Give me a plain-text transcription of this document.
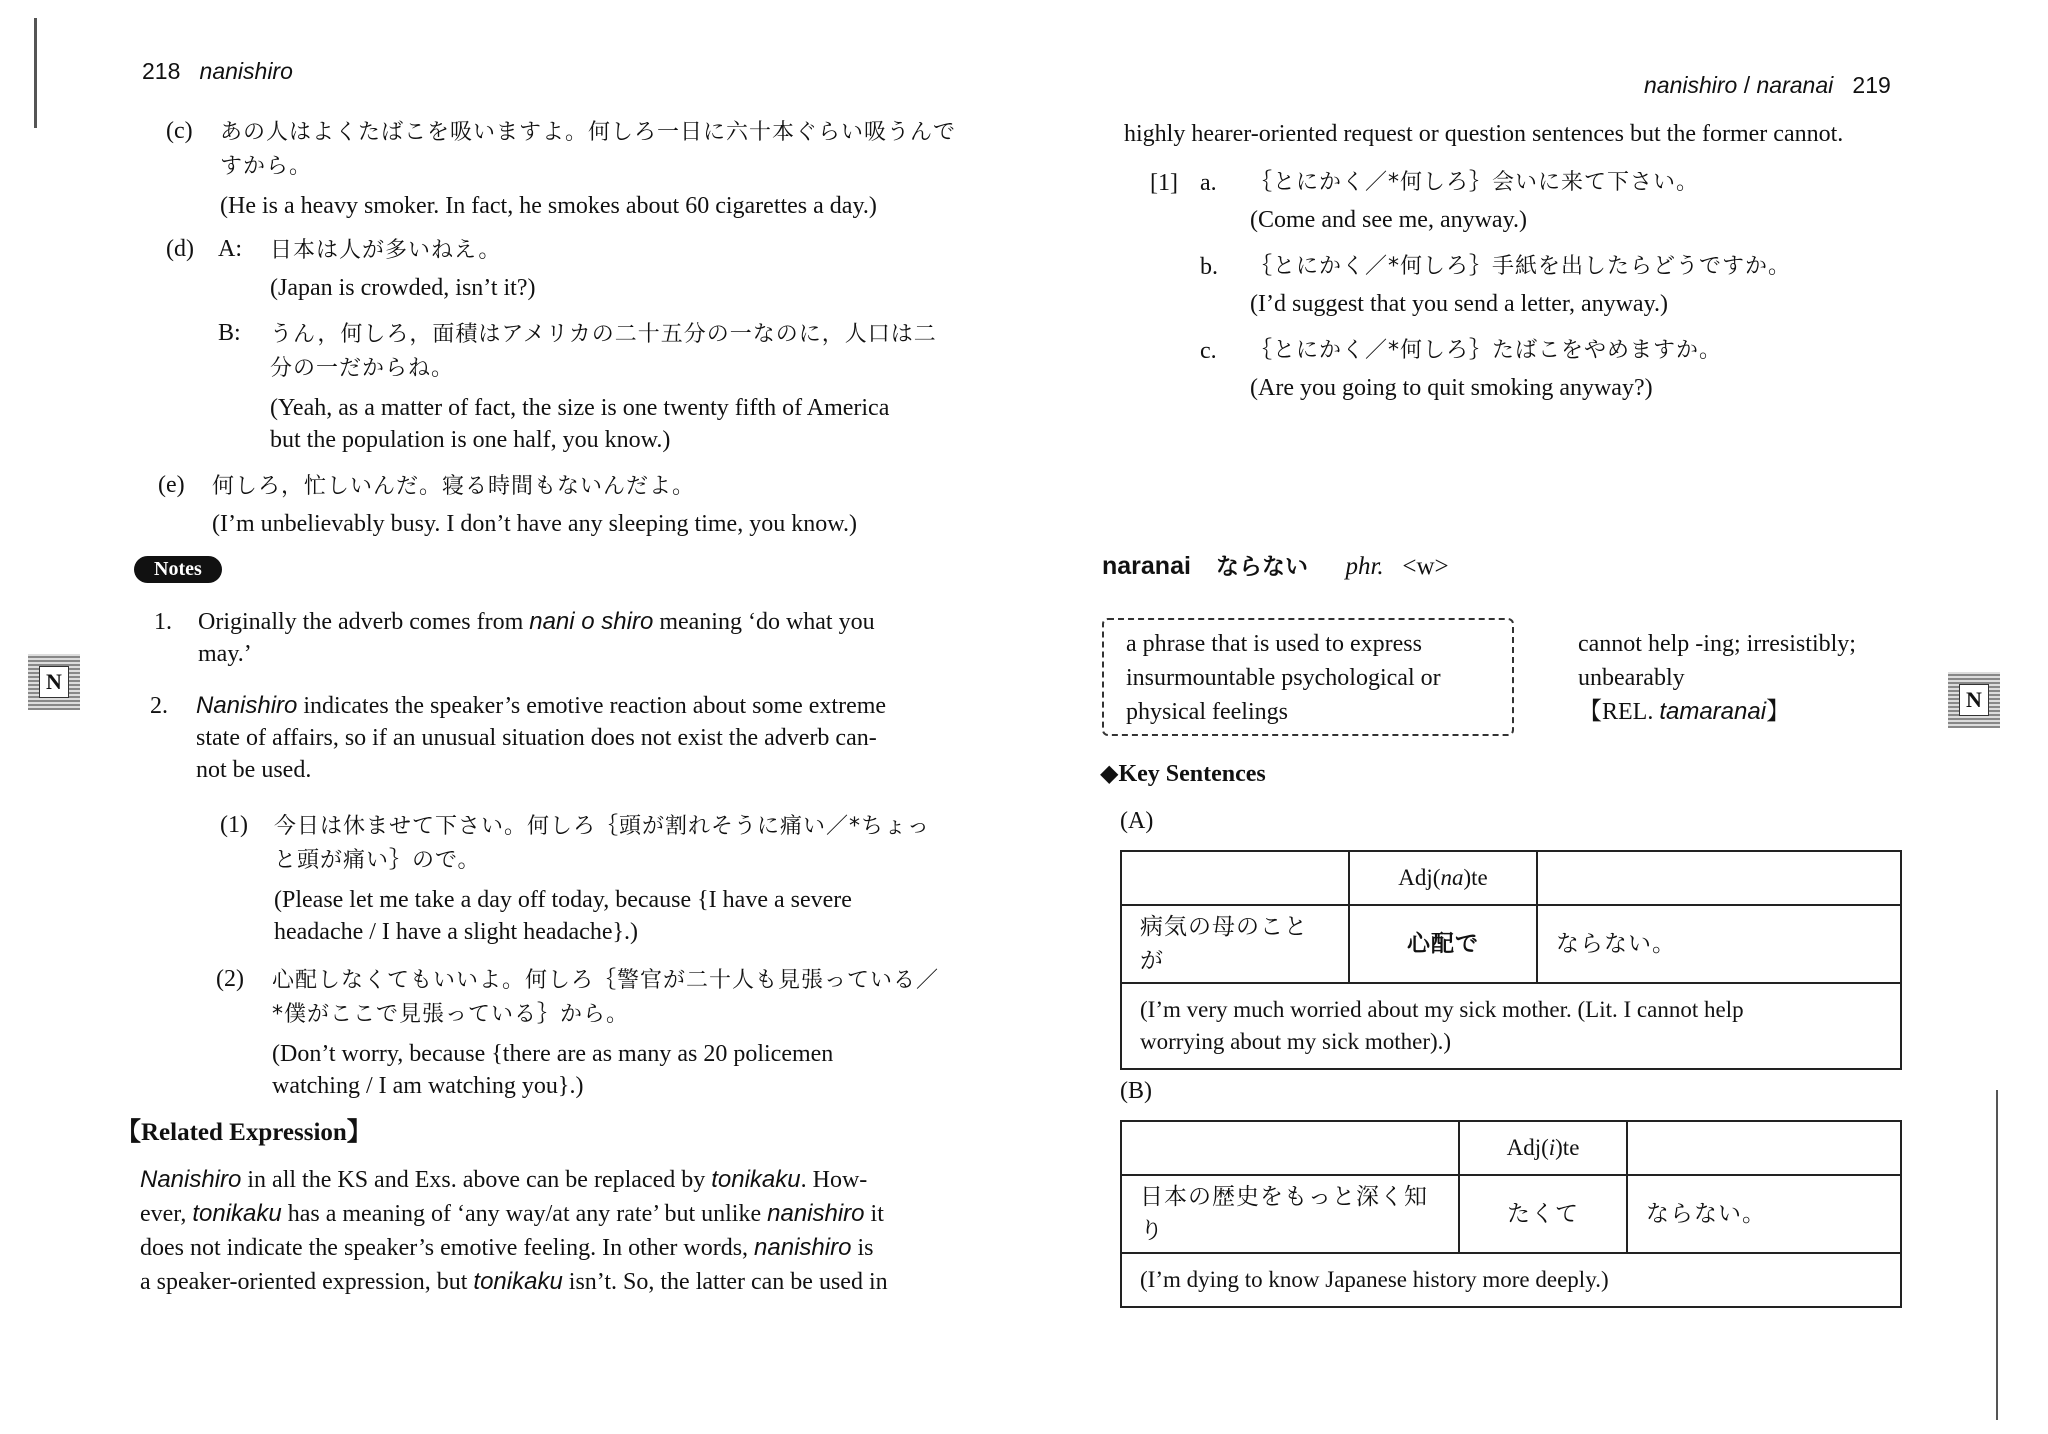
218 nanishiro
(c) あの人はよくたばこを吸いますよ。何しろ一日に六十本ぐらい吸うんで
すから。
(He is a heavy smoker. In fact, he smokes about 60 cigarettes a day.)
(d) A: 日本は人が多いねえ。
(Japan is crowded, isn’t it?)
B: うん，何しろ，面積はアメリカの二十五分の一なのに，人口は二
分の一だからね。
(Yeah, as a matter of fact, the size is one twenty fifth of America
but the population is one half, you know.)
(e) 何しろ，忙しいんだ。寝る時間もないんだよ。
(I’m unbelievably busy. I don’t have any sleeping time, you know.)
Notes
1. Originally the adverb comes from nani o shiro meaning ‘do what you
may.’
2. Nanishiro indicates the speaker’s emotive reaction about some extreme
state of affairs, so if an unusual situation does not exist the adverb can-
not be used.
(1) 今日は休ませて下さい。何しろ｛頭が割れそうに痛い／*ちょっ
と頭が痛い｝ので。
(Please let me take a day off today, because {I have a severe
headache / I have a slight headache}.)
(2) 心配しなくてもいいよ。何しろ｛警官が二十人も見張っている／
*僕がここで見張っている｝から。
(Don’t worry, because {there are as many as 20 policemen
watching / I am watching you}.)
【Related Expression】
Nanishiro in all the KS and Exs. above can be replaced by tonikaku. How-
ever, tonikaku has a meaning of ‘any way/at any rate’ but unlike nanishiro it
does not indicate the speaker’s emotive feeling. In other words, nanishiro is
a speaker-oriented expression, but tonikaku isn’t. So, the latter can be used in
N
nanishiro / naranai 219
highly hearer-oriented request or question sentences but the former cannot.
[1] a. ｛とにかく／*何しろ｝会いに来て下さい。
(Come and see me, anyway.)
b. ｛とにかく／*何しろ｝手紙を出したらどうですか。
(I’d suggest that you send a letter, anyway.)
c. ｛とにかく／*何しろ｝たばこをやめますか。
(Are you going to quit smoking anyway?)
naranai ならない phr. <w>
a phrase that is used to express
insurmountable psychological or
physical feelings
cannot help -ing; irresistibly;
unbearably
【REL. tamaranai】
◆Key Sentences
(A)
	Adj(na)te	
病気の母のことが	心配で	ならない。

(I’m very much worried about my sick mother. (Lit. I cannot help
worrying about my sick mother).)		
(B)
	Adj(i)te	
日本の歴史をもっと深く知り	たくて	ならない。
(I’m dying to know Japanese history more deeply.)		
N
